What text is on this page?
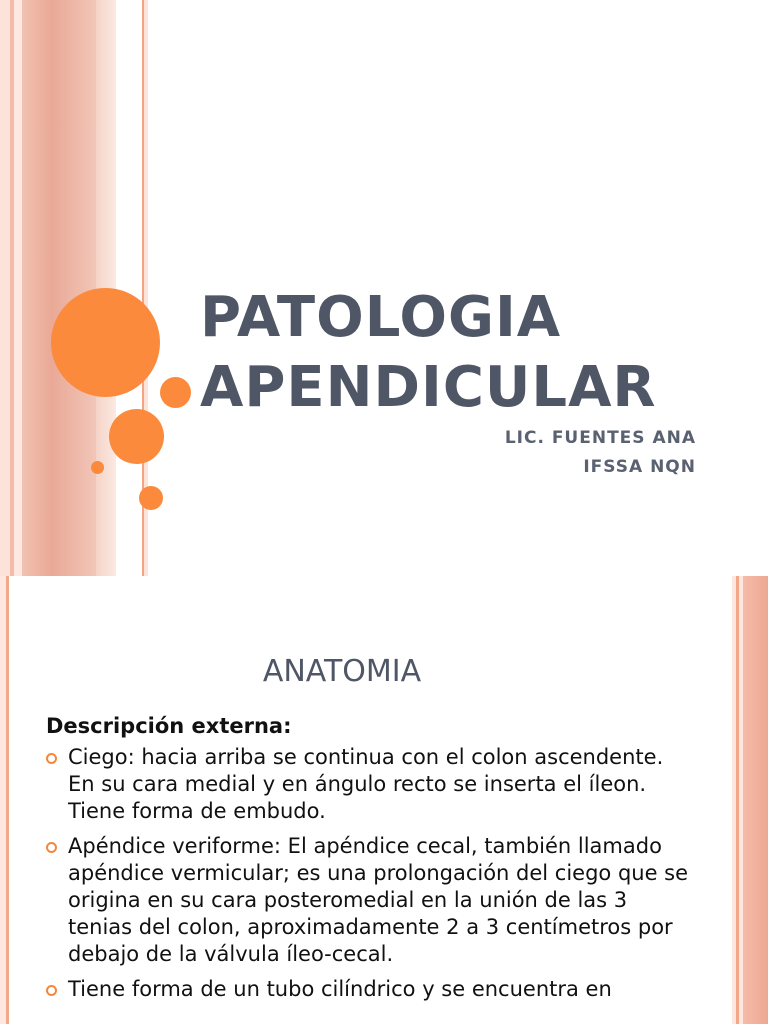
PATOLOGIA
APENDICULAR
LIC. FUENTES ANA
IFSSA NQN
ANATOMIA
Descripción externa:
Ciego: hacia arriba se continua con el colon ascendente. En su cara medial y en ángulo recto se inserta el íleon. Tiene forma de embudo.
Apéndice veriforme: El apéndice cecal, también llamado apéndice vermicular; es una prolongación del ciego que se origina en su cara posteromedial en la unión de las 3 tenias del colon, aproximadamente 2 a 3 centímetros por debajo de la válvula íleo-cecal.
Tiene forma de un tubo cilíndrico y se encuentra en
